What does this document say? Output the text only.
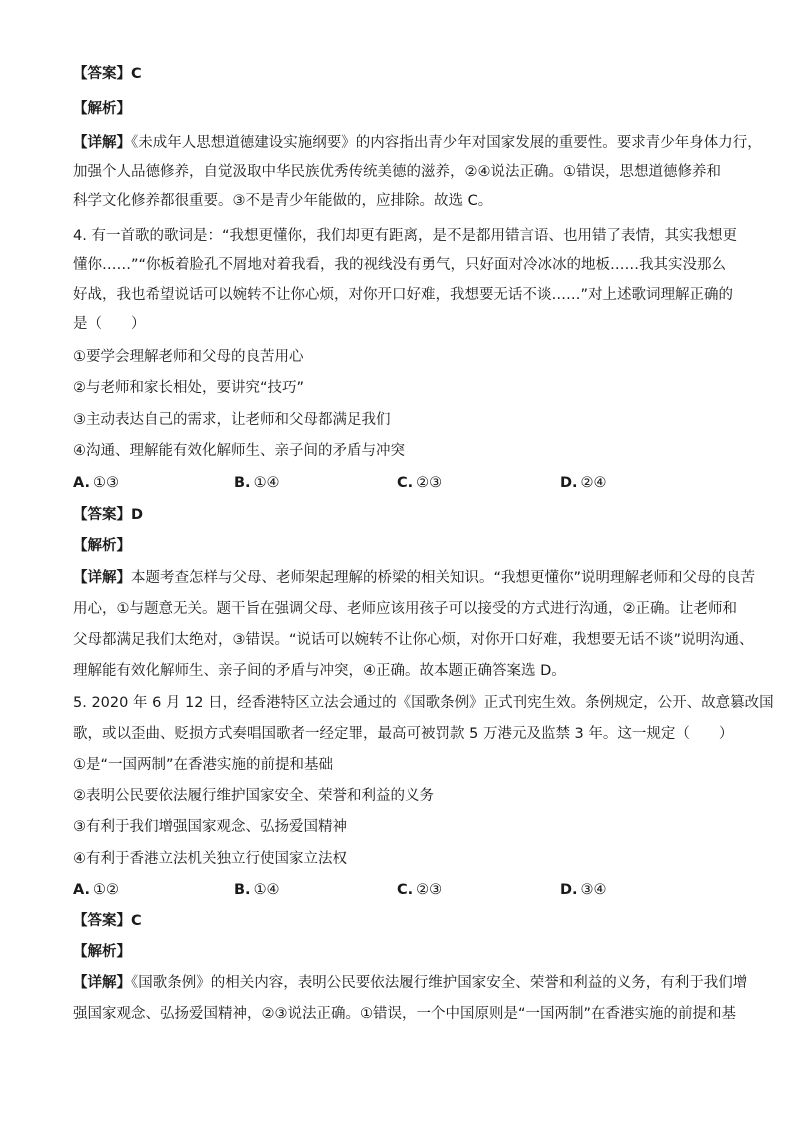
【答案】C
【解析】
【详解】《未成年人思想道德建设实施纲要》的内容指出青少年对国家发展的重要性。要求青少年身体力行，
加强个人品德修养，自觉汲取中华民族优秀传统美德的滋养，②④说法正确。①错误，思想道德修养和
科学文化修养都很重要。③不是青少年能做的，应排除。故选 C。
4. 有一首歌的歌词是：“我想更懂你，我们却更有距离，是不是都用错言语、也用错了表情，其实我想更
懂你……”“你板着脸孔不屑地对着我看，我的视线没有勇气，只好面对冷冰冰的地板……我其实没那么
好战，我也希望说话可以婉转不让你心烦，对你开口好难，我想要无话不谈……”对上述歌词理解正确的
是（　　）
①要学会理解老师和父母的良苦用心
②与老师和家长相处，要讲究“技巧”
③主动表达自己的需求，让老师和父母都满足我们
④沟通、理解能有效化解师生、亲子间的矛盾与冲突
A. ①③	B. ①④	C. ②③	D. ②④
【答案】D
【解析】
【详解】本题考查怎样与父母、老师架起理解的桥梁的相关知识。“我想更懂你”说明理解老师和父母的良苦
用心，①与题意无关。题干旨在强调父母、老师应该用孩子可以接受的方式进行沟通，②正确。让老师和
父母都满足我们太绝对，③错误。“说话可以婉转不让你心烦，对你开口好难，我想要无话不谈”说明沟通、
理解能有效化解师生、亲子间的矛盾与冲突，④正确。故本题正确答案选 D。
5. 2020 年 6 月 12 日，经香港特区立法会通过的《国歌条例》正式刊宪生效。条例规定，公开、故意篡改国
歌，或以歪曲、贬损方式奏唱国歌者一经定罪，最高可被罚款 5 万港元及监禁 3 年。这一规定（　　）
①是“一国两制”在香港实施的前提和基础
②表明公民要依法履行维护国家安全、荣誉和利益的义务
③有利于我们增强国家观念、弘扬爱国精神
④有利于香港立法机关独立行使国家立法权
A. ①②	B. ①④	C. ②③	D. ③④
【答案】C
【解析】
【详解】《国歌条例》的相关内容，表明公民要依法履行维护国家安全、荣誉和利益的义务，有利于我们增
强国家观念、弘扬爱国精神，②③说法正确。①错误，一个中国原则是“一国两制”在香港实施的前提和基
